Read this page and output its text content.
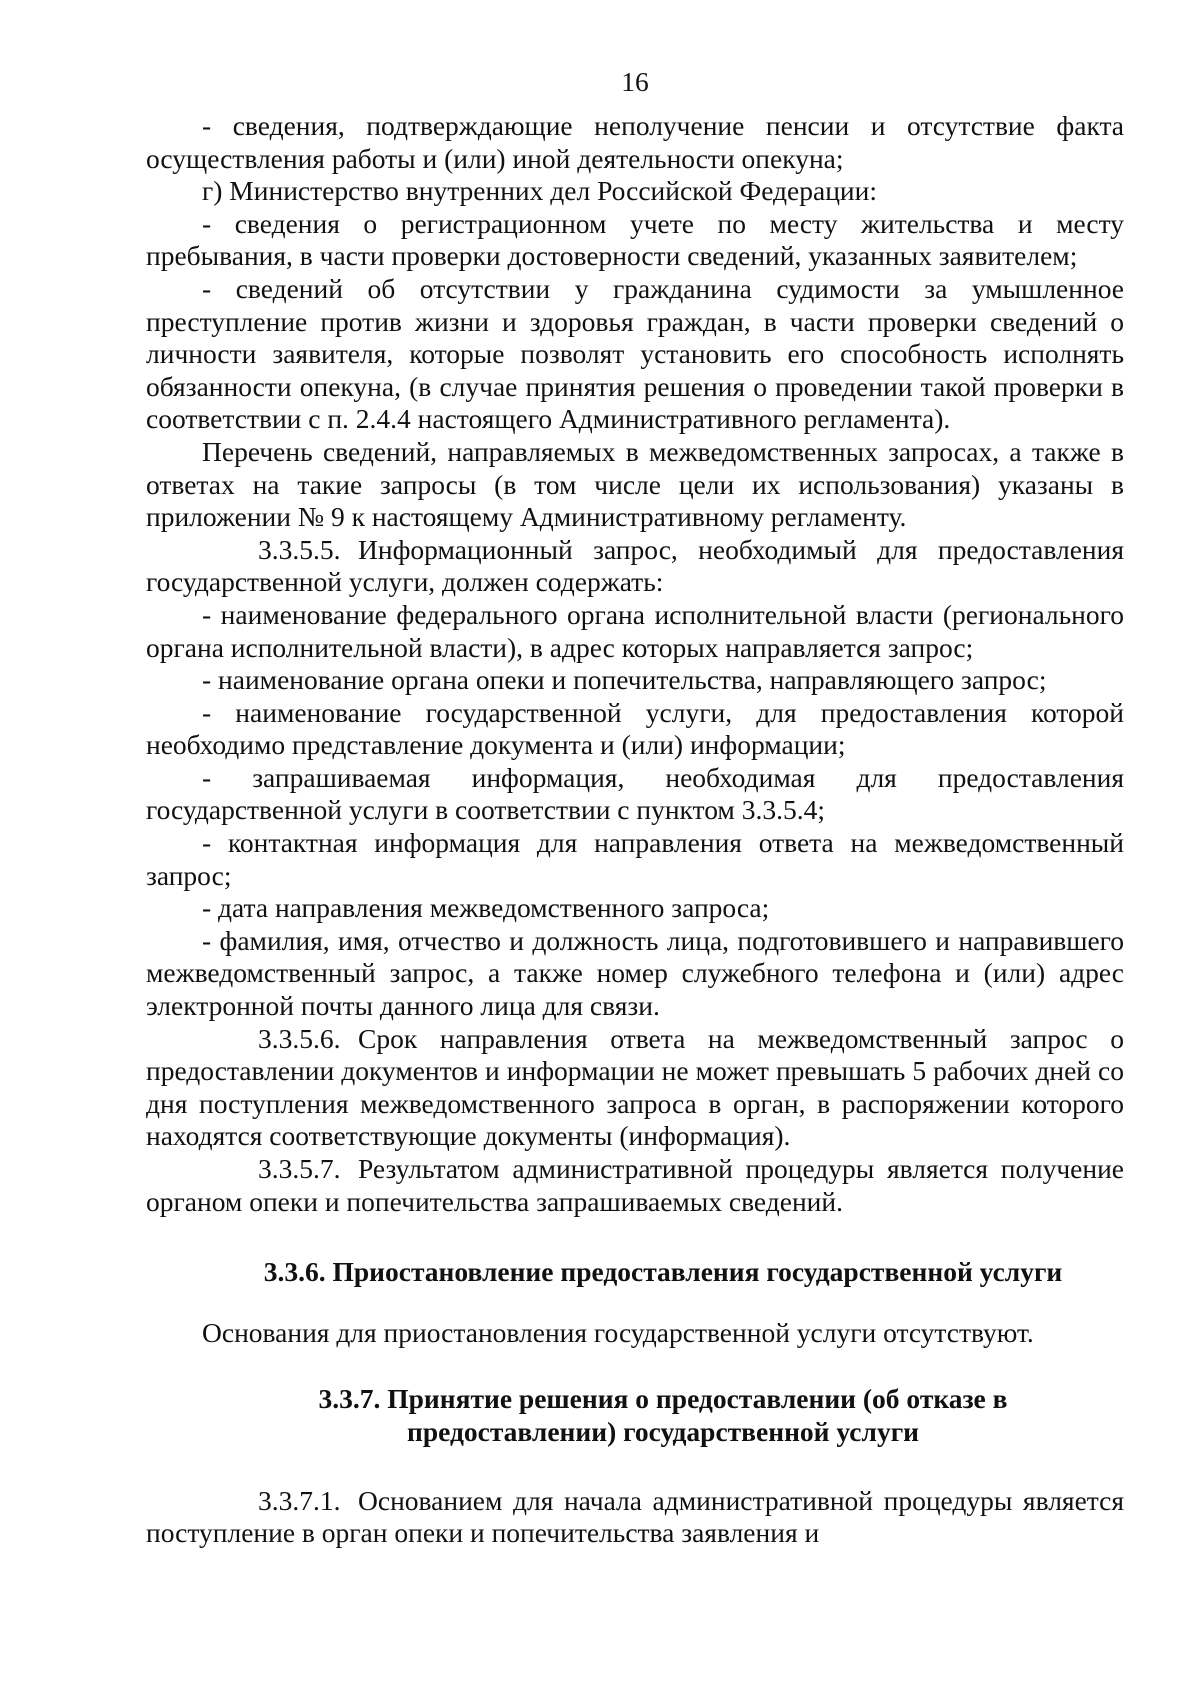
16

- сведения, подтверждающие неполучение пенсии и отсутствие факта осуществления работы и (или) иной деятельности опекуна;

г) Министерство внутренних дел Российской Федерации:

- сведения о регистрационном учете по месту жительства и месту пребывания, в части проверки достоверности сведений, указанных заявителем;

- сведений об отсутствии у гражданина судимости за умышленное преступление против жизни и здоровья граждан, в части проверки сведений о личности заявителя, которые позволят установить его способность исполнять обязанности опекуна, (в случае принятия решения о проведении такой проверки в соответствии с п. 2.4.4 настоящего Административного регламента).

Перечень сведений, направляемых в межведомственных запросах, а также в ответах на такие запросы (в том числе цели их использования) указаны в приложении № 9 к настоящему Административному регламенту.

3.3.5.5. Информационный запрос, необходимый для предоставления государственной услуги, должен содержать:

- наименование федерального органа исполнительной власти (регионального органа исполнительной власти), в адрес которых направляется запрос;

- наименование органа опеки и попечительства, направляющего запрос;

- наименование государственной услуги, для предоставления которой необходимо представление документа и (или) информации;

- запрашиваемая информация, необходимая для предоставления государственной услуги в соответствии с пунктом 3.3.5.4;

- контактная информация для направления ответа на межведомственный запрос;

- дата направления межведомственного запроса;

- фамилия, имя, отчество и должность лица, подготовившего и направившего межведомственный запрос, а также номер служебного телефона и (или) адрес электронной почты данного лица для связи.

3.3.5.6. Срок направления ответа на межведомственный запрос о предоставлении документов и информации не может превышать 5 рабочих дней со дня поступления межведомственного запроса в орган, в распоряжении которого находятся соответствующие документы (информация).

3.3.5.7. Результатом административной процедуры является получение органом опеки и попечительства запрашиваемых сведений.

3.3.6. Приостановление предоставления государственной услуги

Основания для приостановления государственной услуги отсутствуют.

3.3.7. Принятие решения о предоставлении (об отказе в
предоставлении) государственной услуги

3.3.7.1. Основанием для начала административной процедуры является поступление в орган опеки и попечительства заявления и
